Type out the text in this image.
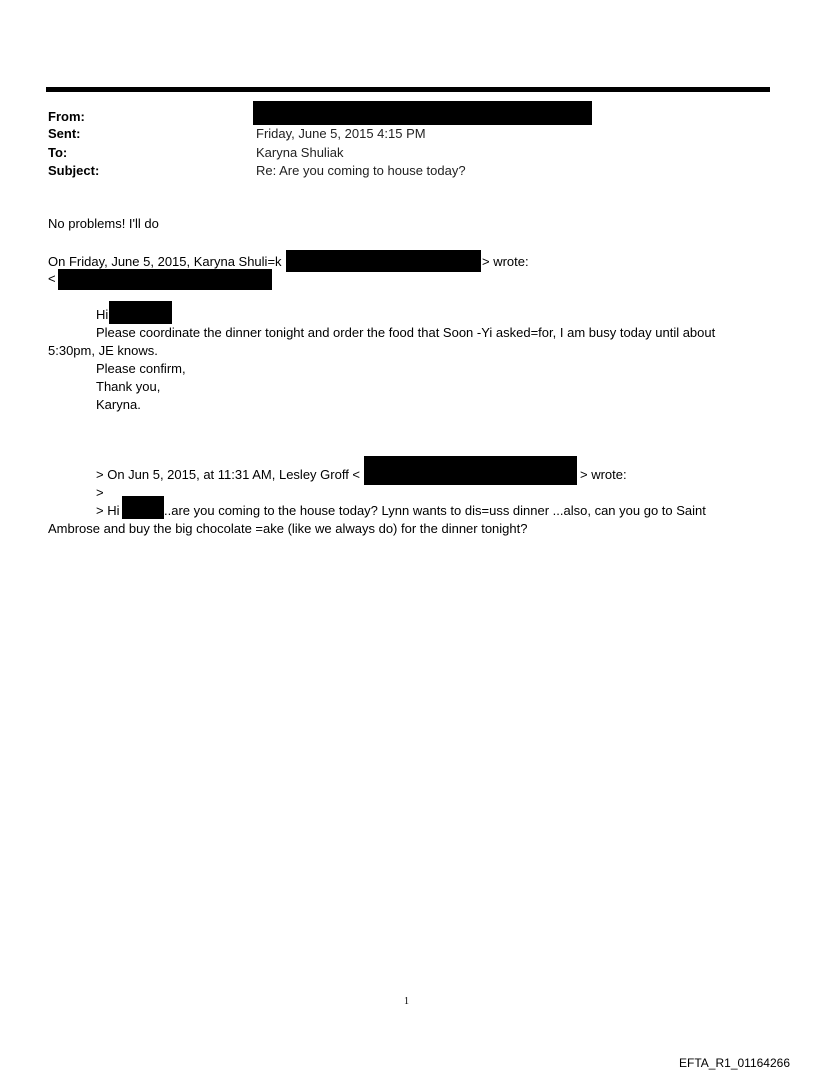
From:
Sent:	Friday, June 5, 2015 4:15 PM
To:	Karyna Shuliak
Subject:	Re: Are you coming to house today?
No problems! I'll do
On Friday, June 5, 2015, Karyna Shuli=k	> wrote:
<
Hi
Please coordinate the dinner tonight and order the food that Soon -Yi asked=for, I am busy today until about
5:30pm, JE knows.
Please confirm,
Thank you,
Karyna.
> On Jun 5, 2015, at 11:31 AM, Lesley Groff <	> wrote:
>
> Hi	..are you coming to the house today? Lynn wants to dis=uss dinner ...also, can you go to Saint
Ambrose and buy the big chocolate =ake (like we always do) for the dinner tonight?
1
EFTA_R1_01164266
